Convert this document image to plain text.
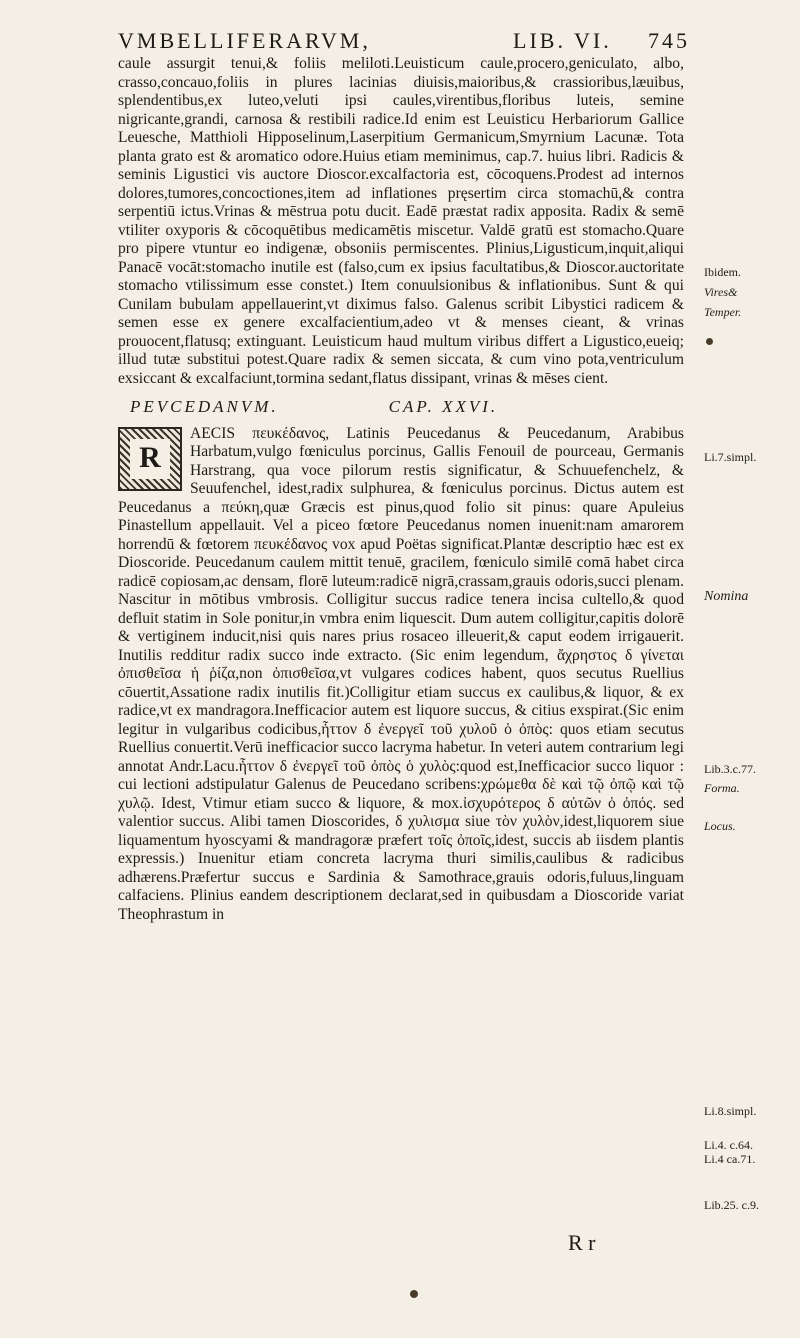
VMBELLIFERARVM,	LIB. VI. 745

caule assurgit tenui,& foliis meliloti.Leuisticum caule,procero,geniculato, albo, crasso,concauo,foliis in plures lacinias diuisis,maioribus,& crassioribus,læuibus, splendentibus,ex luteo,veluti ipsi caules,virentibus,floribus luteis, semine nigricante,grandi, carnosa & restibili radice.Id enim est Leuisticu Herbariorum Gallice Leuesche, Matthioli Hipposelinum,Laserpitium Germanicum,Smyrnium Lacunæ. Tota planta grato est & aromatico odore.Huius etiam meminimus, cap.7. huius libri. Radicis & seminis Ligustici vis auctore Dioscor.excalfactoria est, cōcoquens.Prodest ad internos dolores,tumores,concoctiones,item ad inflationes pręsertim circa stomachū,& contra serpentiū ictus.Vrinas & mēstrua potu ducit. Eadē præstat radix apposita. Radix & semē vtiliter oxyporis & cōcoquētibus medicamētis miscetur. Valdē gratū est stomacho.Quare pro pipere vtuntur eo indigenæ, obsoniis permiscentes. Plinius,Ligusticum,inquit,aliqui Panacē vocāt:stomacho inutile est (falso,cum ex ipsius facultatibus,& Dioscor.auctoritate stomacho vtilissimum esse constet.) Item conuulsionibus & inflationibus. Sunt & qui Cunilam bubulam appellauerint,vt diximus falso. Galenus scribit Libystici radicem & semen esse ex genere excalfacientium,adeo vt & menses cieant, & vrinas prouocent,flatusq; extinguant. Leuisticum haud multum viribus differt a Ligustico,eueiq; illud tutæ substitui potest.Quare radix & semen siccata, & cum vino pota,ventriculum exsiccant & excalfaciunt,tormina sedant,flatus dissipant, vrinas & mēses cient.

PEVCEDANVM.	CAP. XXVI.

R
AECIS πευκέδανος, Latinis Peucedanus & Peucedanum, Arabibus Harbatum,vulgo fœniculus porcinus, Gallis Fenouil de pourceau, Germanis Harstrang, qua voce pilorum restis significatur, & Schuuefenchelz, & Seuufenchel, idest,radix sulphurea, & fœniculus porcinus. Dictus autem est Peucedanus a πεύκη,quæ Græcis est pinus,quod folio sit pinus: quare Apuleius Pinastellum appellauit. Vel a piceo fœtore Peucedanus nomen inuenit:nam amarorem horrendū & fœtorem πευκέδανος vox apud Poëtas significat.Plantæ descriptio hæc est ex Dioscoride. Peucedanum caulem mittit tenuē, gracilem, fœniculo similē comā habet circa radicē copiosam,ac densam, florē luteum:radicē nigrā,crassam,grauis odoris,succi plenam. Nascitur in mōtibus vmbrosis. Colligitur succus radice tenera incisa cultello,& quod defluit statim in Sole ponitur,in vmbra enim liquescit. Dum autem colligitur,capitis dolorē & vertiginem inducit,nisi quis nares prius rosaceo illeuerit,& caput eodem irrigauerit. Inutilis redditur radix succo inde extracto. (Sic enim legendum, ἄχρηστος δ γίνεται ὀπισθεῖσα ἡ ῥίζα,non ὀπισθεῖσα,vt vulgares codices habent, quos secutus Ruellius cōuertit,Assatione radix inutilis fit.)Colligitur etiam succus ex caulibus,& liquor, & ex radice,vt ex mandragora.Inefficacior autem est liquore succus, & citius exspirat.(Sic enim legitur in vulgaribus codicibus,ἧττον δ ἐνεργεῖ τοῦ χυλοῦ ὁ ὀπὸς: quos etiam secutus Ruellius conuertit.Verū inefficacior succo lacryma habetur. In veteri autem contrarium legi annotat Andr.Lacu.ἧττον δ ἐνεργεῖ τοῦ ὀπὸς ὁ χυλὸς:quod est,Inefficacior succo liquor : cui lectioni adstipulatur Galenus de Peucedano scribens:χρώμεθα δὲ καὶ τῷ ὀπῷ καὶ τῷ χυλῷ. Idest, Vtimur etiam succo & liquore, & mox.ἰσχυρότερος δ αὐτῶν ὁ ὀπός. sed valentior succus. Alibi tamen Dioscorides, δ χυλισμα siue τὸν χυλὸν,idest,liquorem siue liquamentum hyoscyami & mandragoræ præfert τοῖς ὀποῖς,idest, succis ab iisdem plantis expressis.) Inuenitur etiam concreta lacryma thuri similis,caulibus & radicibus adhærens.Præfertur succus e Sardinia & Samothrace,grauis odoris,fuluus,linguam calfaciens. Plinius eandem descriptionem declarat,sed in quibusdam a Dioscoride variat Theophrastum in

Ibidem.
Vires&
Temper.
Li.7.simpl.
Nomina
Lib.3.c.77.
Forma.
Locus.
Li.8.simpl.
Li.4. c.64.
Li.4 ca.71.
Lib.25. c.9.
R r
